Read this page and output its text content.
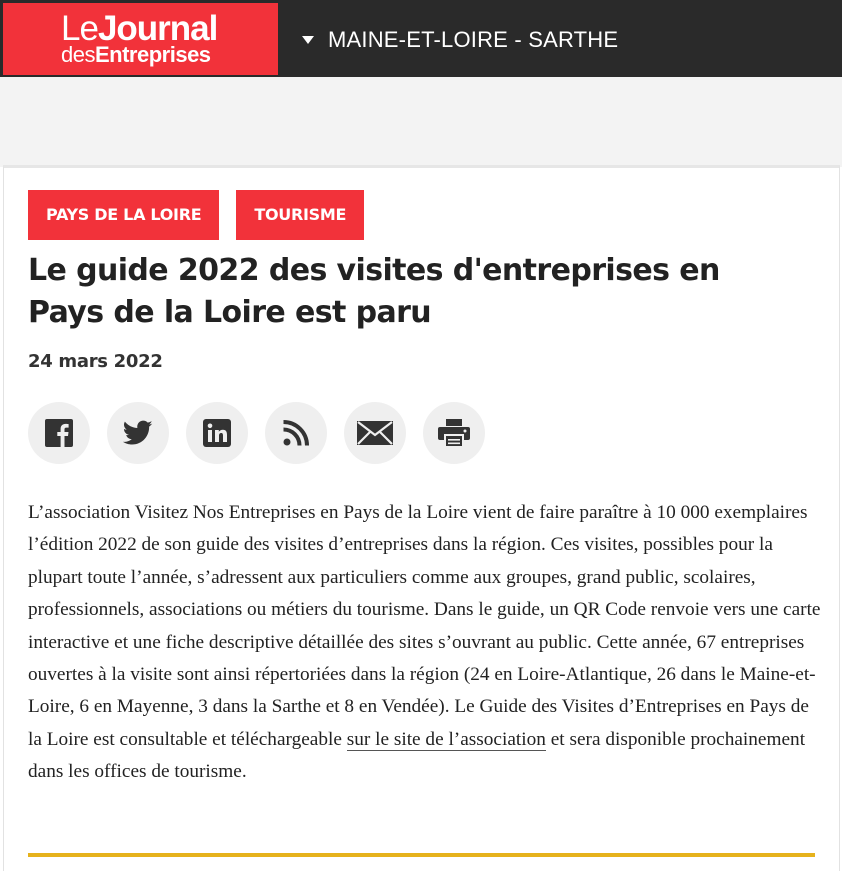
LeJournal
desEntreprises
MAINE-ET-LOIRE - SARTHE
PAYS DE LA LOIRE	TOURISME
Le guide 2022 des visites d'entreprises en Pays de la Loire est paru
24 mars 2022

L’association Visitez Nos Entreprises en Pays de la Loire vient de faire paraître à 10 000 exemplaires l’édition 2022 de son guide des visites d’entreprises dans la région. Ces visites, possibles pour la plupart toute l’année, s’adressent aux particuliers comme aux groupes, grand public, scolaires, professionnels, associations ou métiers du tourisme. Dans le guide, un QR Code renvoie vers une carte interactive et une fiche descriptive détaillée des sites s’ouvrant au public. Cette année, 67 entreprises ouvertes à la visite sont ainsi répertoriées dans la région (24 en Loire-Atlantique, 26 dans le Maine-et-Loire, 6 en Mayenne, 3 dans la Sarthe et 8 en Vendée). Le Guide des Visites d’Entreprises en Pays de la Loire est consultable et téléchargeable sur le site de l’association et sera disponible prochainement dans les offices de tourisme.
